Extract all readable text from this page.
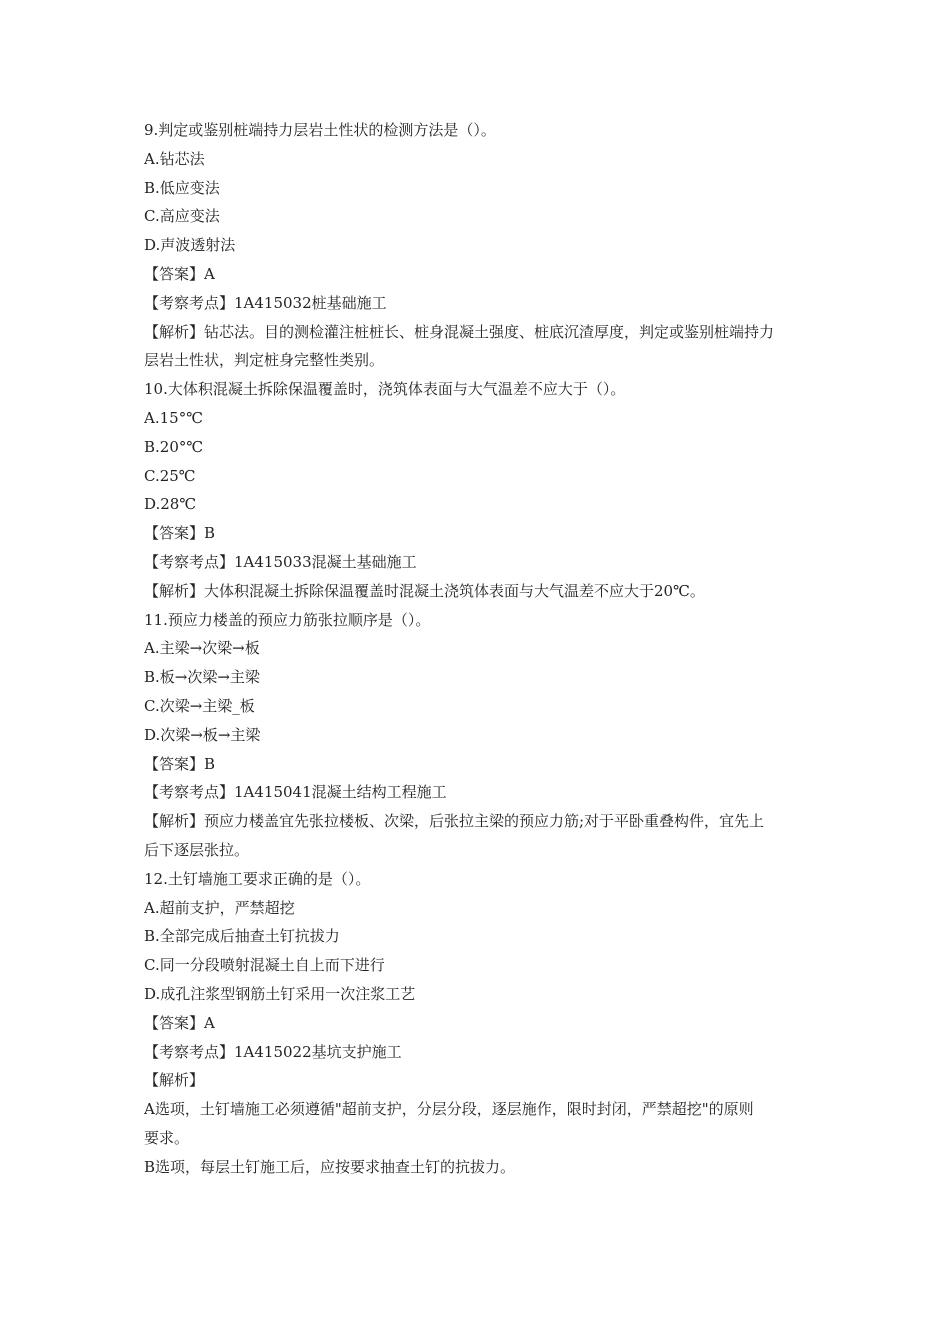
9.判定或鉴别桩端持力层岩土性状的检测方法是（）。
A.钻芯法
B.低应变法
C.高应变法
D.声波透射法
【答案】A
【考察考点】1A415032桩基础施工
【解析】钻芯法。目的测检灌注桩桩长、桩身混凝土强度、桩底沉渣厚度，判定或鉴别桩端持力
层岩土性状，判定桩身完整性类别。
10.大体积混凝土拆除保温覆盖时，浇筑体表面与大气温差不应大于（）。
A.15°℃
B.20°℃
C.25℃
D.28℃
【答案】B
【考察考点】1A415033混凝土基础施工
【解析】大体积混凝土拆除保温覆盖时混凝土浇筑体表面与大气温差不应大于20℃。
11.预应力楼盖的预应力筋张拉顺序是（）。
A.主梁→次梁→板
B.板→次梁→主梁
C.次梁→主梁_板
D.次梁→板→主梁
【答案】B
【考察考点】1A415041混凝土结构工程施工
【解析】预应力楼盖宜先张拉楼板、次梁，后张拉主梁的预应力筋;对于平卧重叠构件，宜先上
后下逐层张拉。
12.土钉墙施工要求正确的是（）。
A.超前支护，严禁超挖
B.全部完成后抽查土钉抗拔力
C.同一分段喷射混凝土自上而下进行
D.成孔注浆型钢筋土钉采用一次注浆工艺
【答案】A
【考察考点】1A415022基坑支护施工
【解析】
A选项，土钉墙施工必须遵循"超前支护，分层分段，逐层施作，限时封闭，严禁超挖"的原则
要求。
B选项，每层土钉施工后，应按要求抽查土钉的抗拔力。
